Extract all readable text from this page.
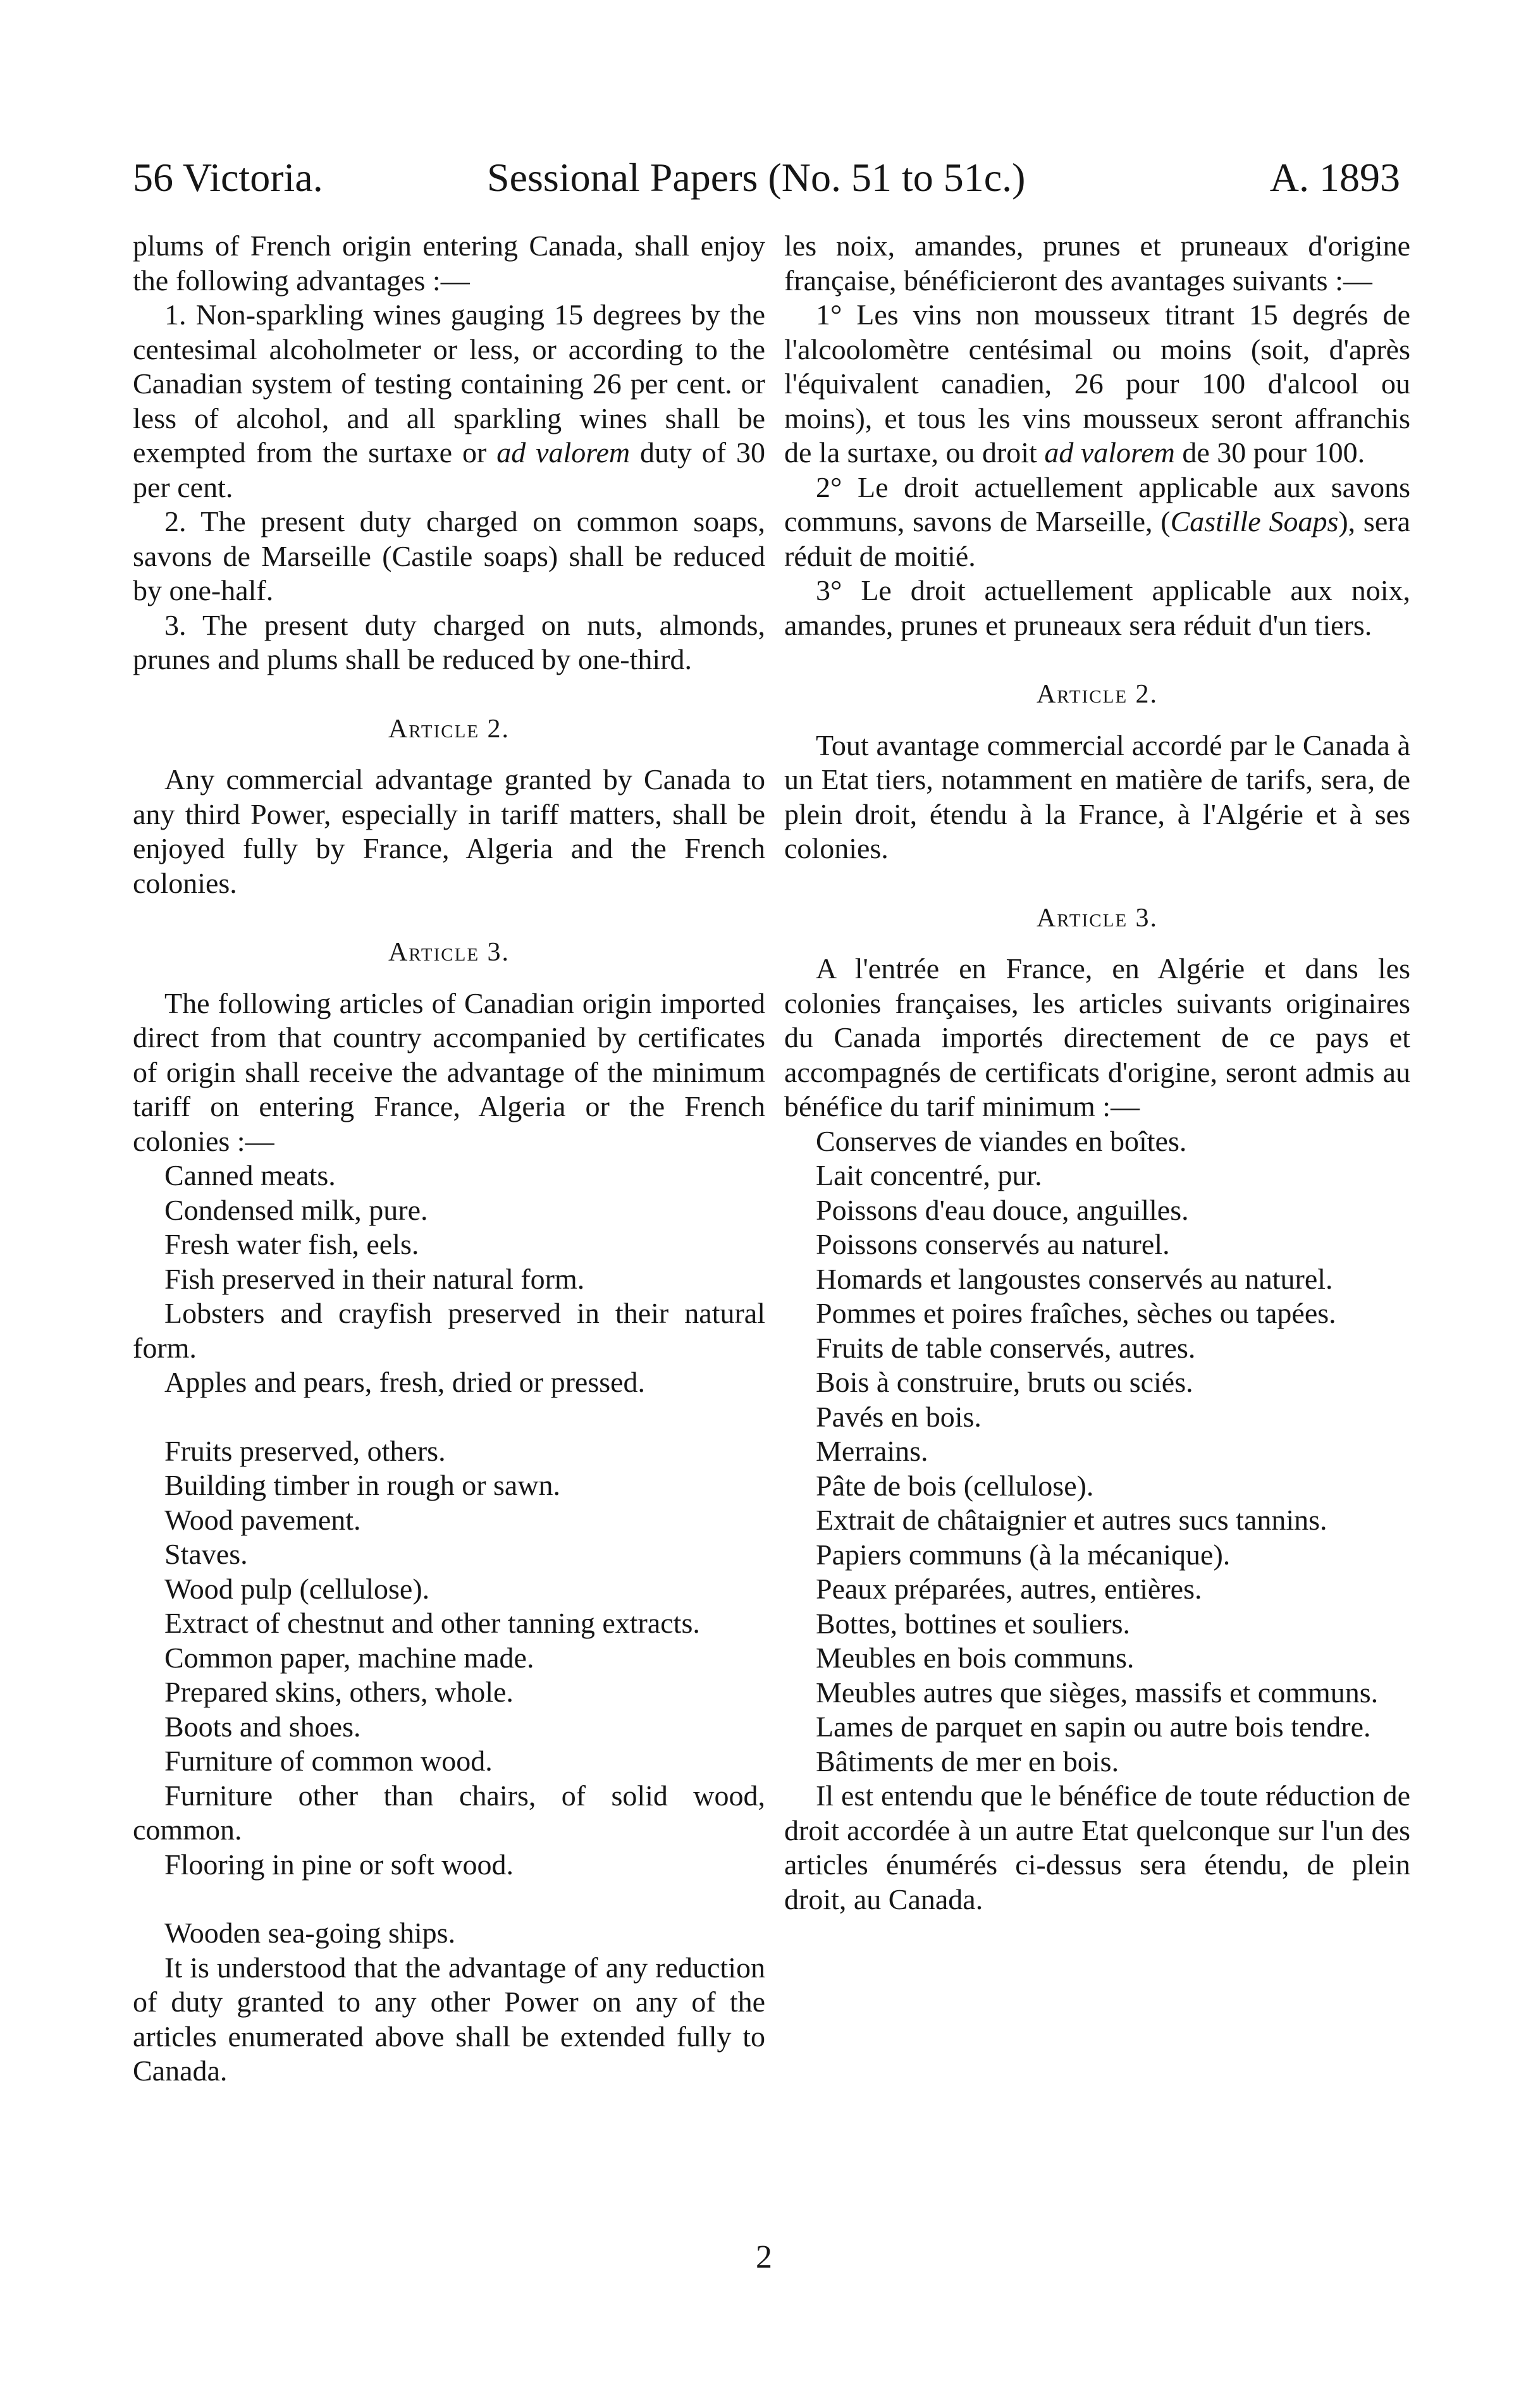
56 Victoria.	Sessional Papers (No. 51 to 51c.)	A. 1893

plums of French origin entering Canada, shall enjoy the following advantages :—

1. Non-sparkling wines gauging 15 degrees by the centesimal alcoholmeter or less, or according to the Canadian system of testing containing 26 per cent. or less of alcohol, and all sparkling wines shall be exempted from the surtaxe or ad valorem duty of 30 per cent.

2. The present duty charged on common soaps, savons de Marseille (Castile soaps) shall be reduced by one-half.

3. The present duty charged on nuts, almonds, prunes and plums shall be reduced by one-third.

Article 2.

Any commercial advantage granted by Canada to any third Power, especially in tariff matters, shall be enjoyed fully by France, Algeria and the French colonies.

Article 3.

The following articles of Canadian origin imported direct from that country accompanied by certificates of origin shall receive the advantage of the minimum tariff on entering France, Algeria or the French colonies :—

Canned meats.

Condensed milk, pure.

Fresh water fish, eels.

Fish preserved in their natural form.

Lobsters and crayfish preserved in their natural form.

Apples and pears, fresh, dried or pressed.

Fruits preserved, others.

Building timber in rough or sawn.

Wood pavement.

Staves.

Wood pulp (cellulose).

Extract of chestnut and other tanning extracts.

Common paper, machine made.

Prepared skins, others, whole.

Boots and shoes.

Furniture of common wood.

Furniture other than chairs, of solid wood, common.

Flooring in pine or soft wood.

Wooden sea-going ships.

It is understood that the advantage of any reduction of duty granted to any other Power on any of the articles enumerated above shall be extended fully to Canada.

les noix, amandes, prunes et pruneaux d'origine française, bénéficieront des avantages suivants :—

1° Les vins non mousseux titrant 15 degrés de l'alcoolomètre centésimal ou moins (soit, d'après l'équivalent canadien, 26 pour 100 d'alcool ou moins), et tous les vins mousseux seront affranchis de la surtaxe, ou droit ad valorem de 30 pour 100.

2° Le droit actuellement applicable aux savons communs, savons de Marseille, (Castille Soaps), sera réduit de moitié.

3° Le droit actuellement applicable aux noix, amandes, prunes et pruneaux sera réduit d'un tiers.

Article 2.

Tout avantage commercial accordé par le Canada à un Etat tiers, notamment en matière de tarifs, sera, de plein droit, étendu à la France, à l'Algérie et à ses colonies.

Article 3.

A l'entrée en France, en Algérie et dans les colonies françaises, les articles suivants originaires du Canada importés directement de ce pays et accompagnés de certificats d'origine, seront admis au bénéfice du tarif minimum :—

Conserves de viandes en boîtes.

Lait concentré, pur.

Poissons d'eau douce, anguilles.

Poissons conservés au naturel.

Homards et langoustes conservés au naturel.

Pommes et poires fraîches, sèches ou tapées.

Fruits de table conservés, autres.

Bois à construire, bruts ou sciés.

Pavés en bois.

Merrains.

Pâte de bois (cellulose).

Extrait de châtaignier et autres sucs tannins.

Papiers communs (à la mécanique).

Peaux préparées, autres, entières.

Bottes, bottines et souliers.

Meubles en bois communs.

Meubles autres que sièges, massifs et communs.

Lames de parquet en sapin ou autre bois tendre.

Bâtiments de mer en bois.

Il est entendu que le bénéfice de toute réduction de droit accordée à un autre Etat quelconque sur l'un des articles énumérés ci-dessus sera étendu, de plein droit, au Canada.

2
